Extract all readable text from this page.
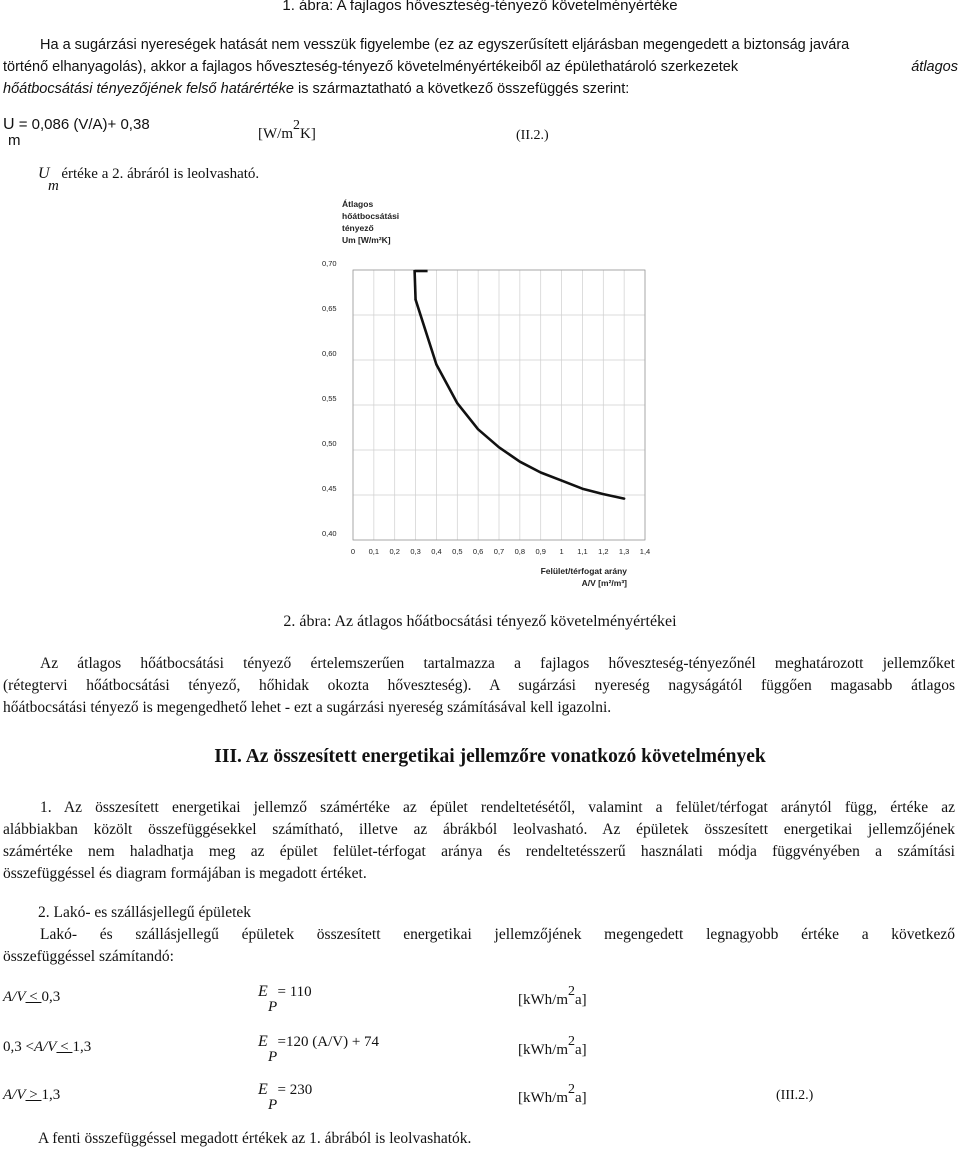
1. ábra: A fajlagos hőveszteség-tényező követelményértéke
Ha a sugárzási nyereségek hatását nem vesszük figyelembe (ez az egyszerűsített eljárásban megengedett a biztonság javára
történő elhanyagolás), akkor a fajlagos hőveszteség-tényező követelményértékeiből az épülethatároló szerkezetek	átlagos
hőátbocsátási tényezőjének felső határértéke is származtatható a következő összefüggés szerint:
U = 0,086 (V/A)+ 0,38
m	[W/m2K]	(II.2.)
U értéke a 2. ábráról is leolvasható.
m
Átlagos
hőátbocsátási
tényező
Um [W/m²K]
0 0,1 0,2 0,3 0,4 0,5 0,6 0,7 0,8 0,9 1 1,1 1,2 1,3 1,4
0,40
0,45
0,50
0,55
0,60
0,65
0,70
Felület/térfogat arány
A/V [m²/m³]
2. ábra: Az átlagos hőátbocsátási tényező követelményértékei
Az átlagos hőátbocsátási tényező értelemszerűen tartalmazza a fajlagos hőveszteség-tényezőnél meghatározott jellemzőket
(rétegtervi hőátbocsátási tényező, hőhidak okozta hőveszteség). A sugárzási nyereség nagyságától függően magasabb átlagos
hőátbocsátási tényező is megengedhető lehet - ezt a sugárzási nyereség számításával kell igazolni.
III. Az összesített energetikai jellemzőre vonatkozó követelmények
1. Az összesített energetikai jellemző számértéke az épület rendeltetésétől, valamint a felület/térfogat aránytól függ, értéke az
alábbiakban közölt összefüggésekkel számítható, illetve az ábrákból leolvasható. Az épületek összesített energetikai jellemzőjének
számértéke nem haladhatja meg az épület felület-térfogat aránya és rendeltetésszerű használati módja függvényében a számítási
összefüggéssel és diagram formájában is megadott értéket.
2. Lakó- es szállásjellegű épületek
Lakó- és szállásjellegű épületek összesített energetikai jellemzőjének megengedett legnagyobb értéke a következő
összefüggéssel számítandó:
A/V < 0,3	E = 110
P	[kWh/m2a]
0,3 <A/V < 1,3	E =120 (A/V) + 74
P	[kWh/m2a]
A/V > 1,3	E = 230
P	[kWh/m2a]	(III.2.)
A fenti összefüggéssel megadott értékek az 1. ábrából is leolvashatók.
